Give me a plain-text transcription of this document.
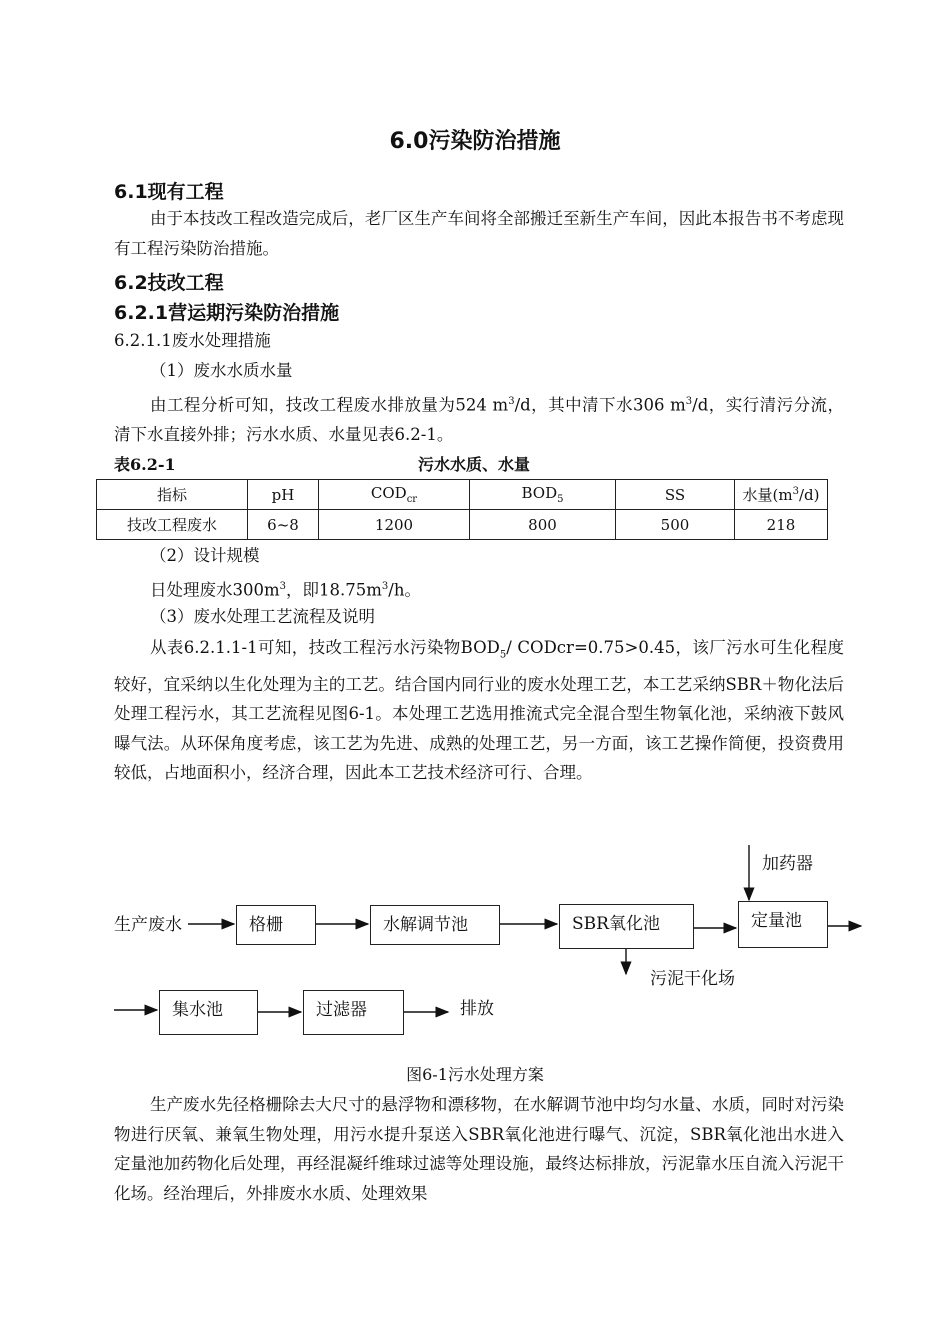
6.0污染防治措施
6.1现有工程
由于本技改工程改造完成后，老厂区生产车间将全部搬迁至新生产车间，因此本报告书不考虑现有工程污染防治措施。
6.2技改工程
6.2.1营运期污染防治措施
6.2.1.1废水处理措施
（1）废水水质水量
由工程分析可知，技改工程废水排放量为524 $m^3/d$，其中清下水306 $m^3/d$，实行清污分流，清下水直接外排；污水水质、水量见表6.2-1。
表6.2-1	污水水质、水量
指标	pH	$COD_{cr}$	$BOD_5$	SS	水量$(m^3/d)$
技改工程废水	6~8	1200	800	500	218
（2）设计规模
日处理废水$300m^3$，即$18.75m^3/h$。
（3）废水处理工艺流程及说明
从表6.2.1.1-1可知，技改工程污水污染物$BOD_5/$ CODcr=0.75>0.45，该厂污水可生化程度较好，宜采纳以生化处理为主的工艺。结合国内同行业的废水处理工艺，本工艺采纳SBR＋物化法后处理工程污水，其工艺流程见图6-1。本处理工艺选用推流式完全混合型生物氧化池，采纳液下鼓风曝气法。从环保角度考虑，该工艺为先进、成熟的处理工艺，另一方面，该工艺操作简便，投资费用较低，占地面积小，经济合理，因此本工艺技术经济可行、合理。
生产废水	格栅	水解调节池	SBR氧化池
加药器
定量池
污泥干化场
集水池	过滤器	排放
图6-1污水处理方案
生产废水先径格栅除去大尺寸的悬浮物和漂移物，在水解调节池中均匀水量、水质，同时对污染物进行厌氧、兼氧生物处理，用污水提升泵送入SBR氧化池进行曝气、沉淀，SBR氧化池出水进入定量池加药物化后处理，再经混凝纤维球过滤等处理设施，最终达标排放，污泥靠水压自流入污泥干化场。经治理后，外排废水水质、处理效果
